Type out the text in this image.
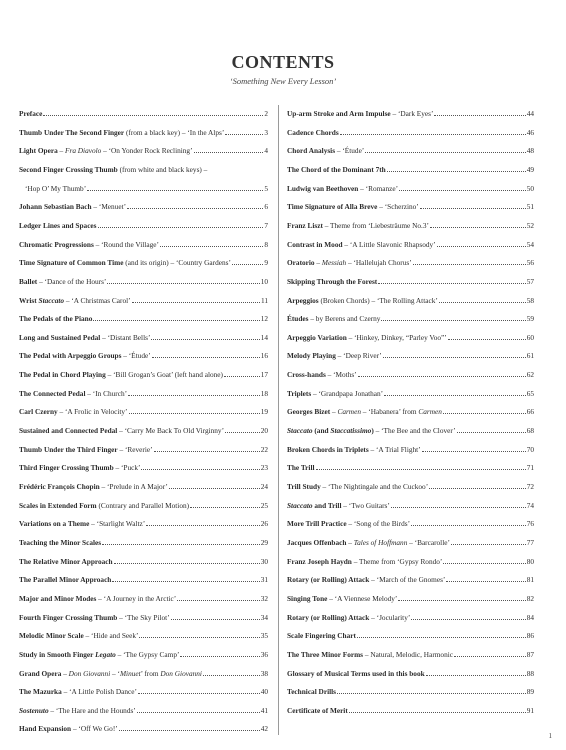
CONTENTS
‘Something New Every Lesson’
Preface	2
Thumb Under The Second Finger (from a black key) – ‘In the Alps’	3
Light Opera – Fra Diavolo – ‘On Yonder Rock Reclining’	4
Second Finger Crossing Thumb (from white and black keys) –
‘Hop O’ My Thumb’	5
Johann Sebastian Bach – ‘Menuet’	6
Ledger Lines and Spaces	7
Chromatic Progressions – ‘Round the Village’	8
Time Signature of Common Time (and its origin) – ‘Country Gardens’	9
Ballet – ‘Dance of the Hours’	10
Wrist Staccato – ‘A Christmas Carol’	11
The Pedals of the Piano	12
Long and Sustained Pedal – ‘Distant Bells’	14
The Pedal with Arpeggio Groups – ‘Étude’	16
The Pedal in Chord Playing – ‘Bill Grogan’s Goat’ (left hand alone)	17
The Connected Pedal – ‘In Church’	18
Carl Czerny – ‘A Frolic in Velocity’	19
Sustained and Connected Pedal – ‘Carry Me Back To Old Virginny’	20
Thumb Under the Third Finger – ‘Reverie’	22
Third Finger Crossing Thumb – ‘Puck’	23
Frédéric François Chopin – ‘Prelude in A Major’	24
Scales in Extended Form (Contrary and Parallel Motion)	25
Variations on a Theme – ‘Starlight Waltz’	26
Teaching the Minor Scales	29
The Relative Minor Approach	30
The Parallel Minor Approach	31
Major and Minor Modes – ‘A Journey in the Arctic’	32
Fourth Finger Crossing Thumb – ‘The Sky Pilot’	34
Melodic Minor Scale – ‘Hide and Seek’	35
Study in Smooth Finger Legato – ‘The Gypsy Camp’	36
Grand Opera – Don Giovanni – ‘Minuet’ from Don Giovanni	38
The Mazurka – ‘A Little Polish Dance’	40
Sostenuto – ‘The Hare and the Hounds’	41
Hand Expansion – ‘Off We Go!’	42
Up-arm Stroke and Arm Impulse – ‘Dark Eyes’	44
Cadence Chords	46
Chord Analysis – ‘Étude’	48
The Chord of the Dominant 7th	49
Ludwig van Beethoven – ‘Romanze’	50
Time Signature of Alla Breve – ‘Scherzino’	51
Franz Liszt – Theme from ‘Liebesträume No.3’	52
Contrast in Mood – ‘A Little Slavonic Rhapsody’	54
Oratorio – Messiah – ‘Hallelujah Chorus’	56
Skipping Through the Forest	57
Arpeggios (Broken Chords) – ‘The Rolling Attack’	58
Études – by Berens and Czerny	59
Arpeggio Variation – ‘Hinkey, Dinkey, “Parley Voo”’	60
Melody Playing – ‘Deep River’	61
Cross-hands – ‘Moths’	62
Triplets – ‘Grandpapa Jonathan’	65
Georges Bizet – Carmen – ‘Habanera’ from Carmen	66
Staccato (and Staccatissimo) – ‘The Bee and the Clover’	68
Broken Chords in Triplets – ‘A Trial Flight’	70
The Trill	71
Trill Study – ‘The Nightingale and the Cuckoo’	72
Staccato and Trill – ‘Two Guitars’	74
More Trill Practice – ‘Song of the Birds’	76
Jacques Offenbach – Tales of Hoffmann – ‘Barcarolle’	77
Franz Joseph Haydn – Theme from ‘Gypsy Rondo’	80
Rotary (or Rolling) Attack – ‘March of the Gnomes’	81
Singing Tone – ‘A Viennese Melody’	82
Rotary (or Rolling) Attack – ‘Jocularity’	84
Scale Fingering Chart	86
The Three Minor Forms – Natural, Melodic, Harmonic	87
Glossary of Musical Terms used in this book	88
Technical Drills	89
Certificate of Merit	91
1
